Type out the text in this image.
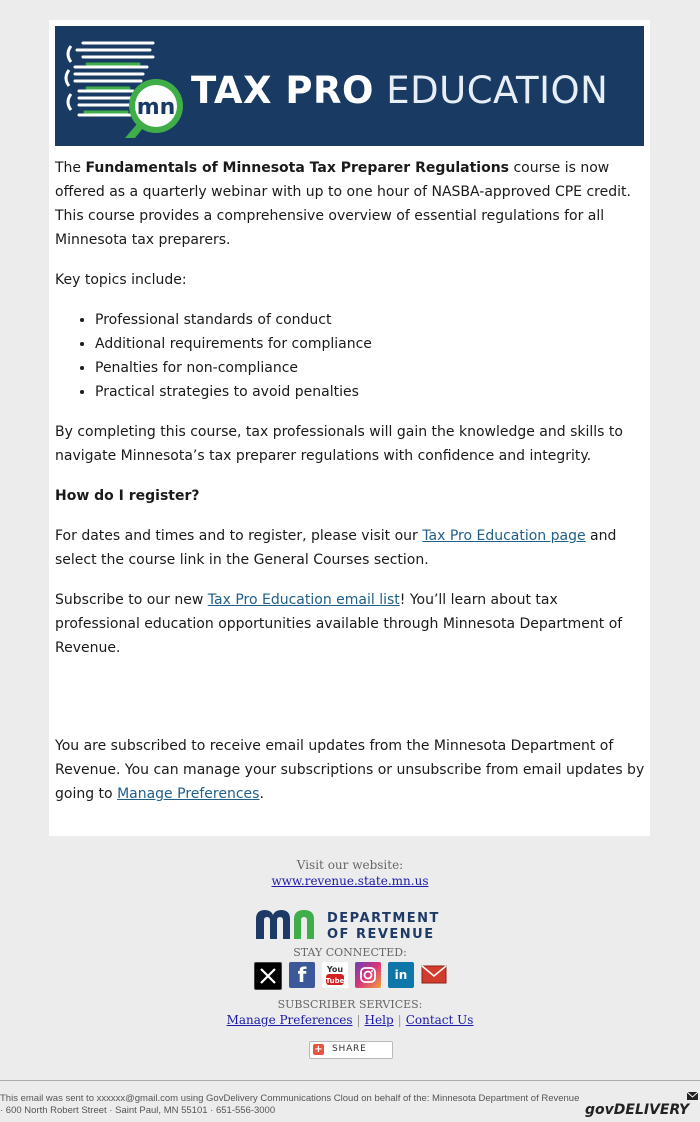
mn TAX PRO EDUCATION

The Fundamentals of Minnesota Tax Preparer Regulations course is now offered as a quarterly webinar with up to one hour of NASBA-approved CPE credit. This course provides a comprehensive overview of essential regulations for all Minnesota tax preparers.

Key topics include:

• Professional standards of conduct
• Additional requirements for compliance
• Penalties for non-compliance
• Practical strategies to avoid penalties

By completing this course, tax professionals will gain the knowledge and skills to navigate Minnesota’s tax preparer regulations with confidence and integrity.

How do I register?

For dates and times and to register, please visit our Tax Pro Education page and select the course link in the General Courses section.

Subscribe to our new Tax Pro Education email list! You’ll learn about tax professional education opportunities available through Minnesota Department of Revenue.

You are subscribed to receive email updates from the Minnesota Department of Revenue. You can manage your subscriptions or unsubscribe from email updates by going to Manage Preferences.
Visit our website:
www.revenue.state.mn.us
DEPARTMENT
OF REVENUE
STAY CONNECTED:
f	You
Tube	in
SUBSCRIBER SERVICES:
Manage Preferences | Help | Contact Us
+ SHARE
This email was sent to xxxxxx@gmail.com using GovDelivery Communications Cloud on behalf of the: Minnesota Department of Revenue · 600 North Robert Street · Saint Paul, MN 55101 · 651-556-3000	govDELIVERY
